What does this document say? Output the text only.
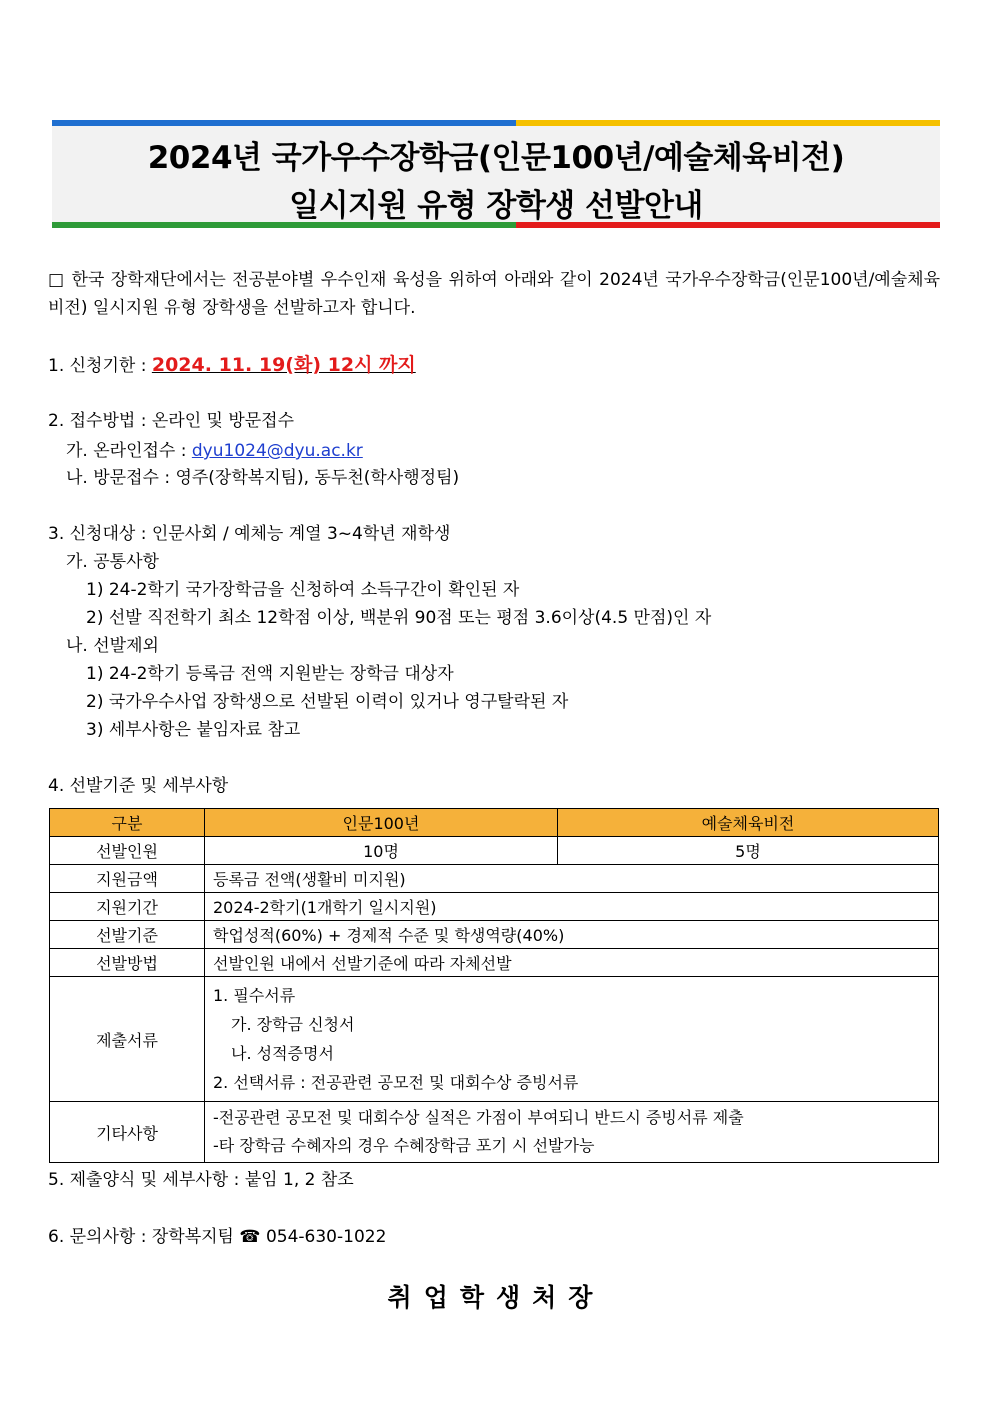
2024년 국가우수장학금(인문100년/예술체육비전)
일시지원 유형 장학생 선발안내
□ 한국 장학재단에서는 전공분야별 우수인재 육성을 위하여 아래와 같이 2024년 국가우수장학금(인문100년/예술체육비전) 일시지원 유형 장학생을 선발하고자 합니다.
1. 신청기한 : 2024. 11. 19(화) 12시 까지
2. 접수방법 : 온라인 및 방문접수
가. 온라인접수 : dyu1024@dyu.ac.kr
나. 방문접수 : 영주(장학복지팀), 동두천(학사행정팀)
3. 신청대상 : 인문사회 / 예체능 계열 3~4학년 재학생
가. 공통사항
1) 24-2학기 국가장학금을 신청하여 소득구간이 확인된 자
2) 선발 직전학기 최소 12학점 이상, 백분위 90점 또는 평점 3.6이상(4.5 만점)인 자
나. 선발제외
1) 24-2학기 등록금 전액 지원받는 장학금 대상자
2) 국가우수사업 장학생으로 선발된 이력이 있거나 영구탈락된 자
3) 세부사항은 붙임자료 참고
4. 선발기준 및 세부사항
구분	인문100년	예술체육비전
선발인원	10명	5명
지원금액	등록금 전액(생활비 미지원)	
지원기간	2024-2학기(1개학기 일시지원)	
선발기준	학업성적(60%) + 경제적 수준 및 학생역량(40%)	
선발방법	선발인원 내에서 선발기준에 따라 자체선발	
제출서류	1. 필수서류
가. 장학금 신청서
나. 성적증명서
2. 선택서류 : 전공관련 공모전 및 대회수상 증빙서류	

기타사항	-전공관련 공모전 및 대회수상 실적은 가점이 부여되니 반드시 증빙서류 제출
-타 장학금 수혜자의 경우 수혜장학금 포기 시 선발가능	
5. 제출양식 및 세부사항 : 붙임 1, 2 참조
6. 문의사항 : 장학복지팀 ☎ 054-630-1022
취업학생처장
